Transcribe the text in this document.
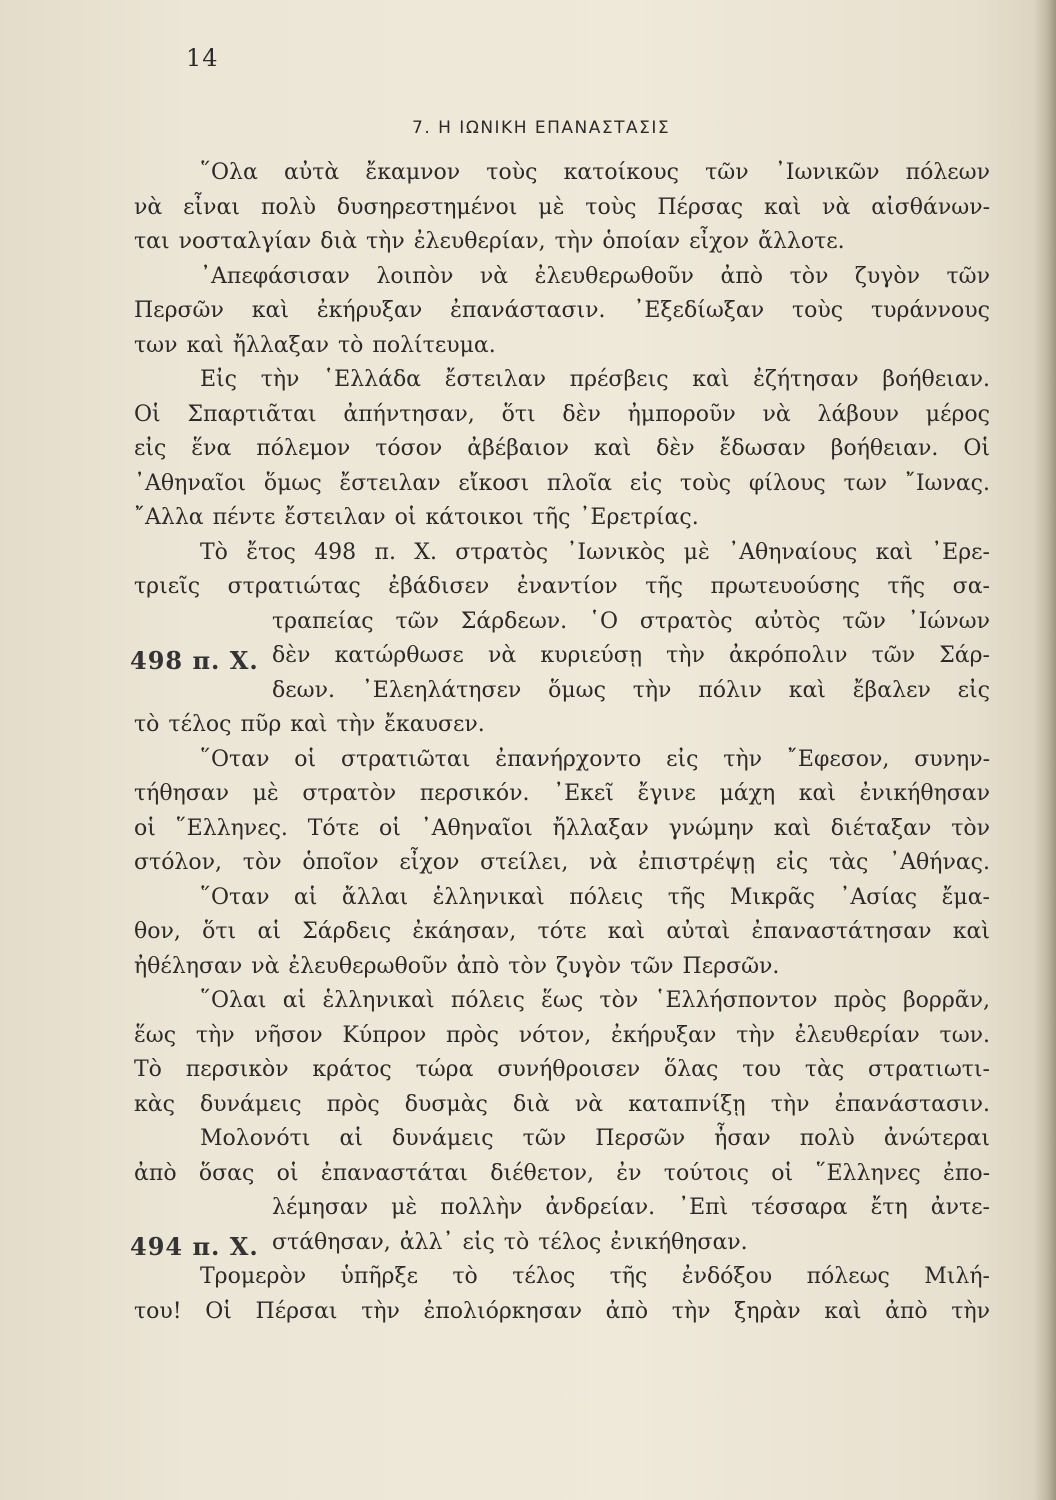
14
7. Η ΙΩΝΙΚΗ ΕΠΑΝΑΣΤΑΣΙΣ
498 π. Χ.
494 π. Χ.
῞Ολα αὐτὰ ἔκαμνον τοὺς κατοίκους τῶν ᾽Ιωνικῶν πόλεων
νὰ εἶναι πολὺ δυσηρεστημένοι μὲ τοὺς Πέρσας καὶ νὰ αἰσθάνων-
ται νοσταλγίαν διὰ τὴν ἐλευθερίαν, τὴν ὁποίαν εἶχον ἄλλοτε.
᾽Απεφάσισαν λοιπὸν νὰ ἐλευθερωθοῦν ἀπὸ τὸν ζυγὸν τῶν
Περσῶν καὶ ἐκήρυξαν ἐπανάστασιν. ᾽Εξεδίωξαν τοὺς τυράννους
των καὶ ἤλλαξαν τὸ πολίτευμα.
Εἰς τὴν ῾Ελλάδα ἔστειλαν πρέσβεις καὶ ἐζήτησαν βοήθειαν.
Οἱ Σπαρτιᾶται ἀπήντησαν, ὅτι δὲν ἠμποροῦν νὰ λάβουν μέρος
εἰς ἕνα πόλεμον τόσον ἀβέβαιον καὶ δὲν ἔδωσαν βοήθειαν. Οἱ
᾽Αθηναῖοι ὅμως ἔστειλαν εἴκοσι πλοῖα εἰς τοὺς φίλους των ῎Ιωνας.
῎Αλλα πέντε ἔστειλαν οἱ κάτοικοι τῆς ᾽Ερετρίας.
Τὸ ἔτος 498 π. Χ. στρατὸς ᾽Ιωνικὸς μὲ ᾽Αθηναίους καὶ ᾽Ερε-
τριεῖς στρατιώτας ἐβάδισεν ἐναντίον τῆς πρωτευούσης τῆς σα-
τραπείας τῶν Σάρδεων. ῾Ο στρατὸς αὐτὸς τῶν ᾽Ιώνων
δὲν κατώρθωσε νὰ κυριεύσῃ τὴν ἀκρόπολιν τῶν Σάρ-
δεων. ᾽Ελεηλάτησεν ὅμως τὴν πόλιν καὶ ἔβαλεν εἰς
τὸ τέλος πῦρ καὶ τὴν ἔκαυσεν.
῞Οταν οἱ στρατιῶται ἐπανήρχοντο εἰς τὴν ῎Εφεσον, συνην-
τήθησαν μὲ στρατὸν περσικόν. ᾽Εκεῖ ἔγινε μάχη καὶ ἐνικήθησαν
οἱ ῞Ελληνες. Τότε οἱ ᾽Αθηναῖοι ἤλλαξαν γνώμην καὶ διέταξαν τὸν
στόλον, τὸν ὁποῖον εἶχον στείλει, νὰ ἐπιστρέψῃ εἰς τὰς ᾽Αθήνας.
῞Οταν αἱ ἄλλαι ἑλληνικαὶ πόλεις τῆς Μικρᾶς ᾽Ασίας ἔμα-
θον, ὅτι αἱ Σάρδεις ἐκάησαν, τότε καὶ αὐταὶ ἐπαναστάτησαν καὶ
ἠθέλησαν νὰ ἐλευθερωθοῦν ἀπὸ τὸν ζυγὸν τῶν Περσῶν.
῞Ολαι αἱ ἑλληνικαὶ πόλεις ἕως τὸν ῾Ελλήσποντον πρὸς βορρᾶν,
ἕως τὴν νῆσον Κύπρον πρὸς νότον, ἐκήρυξαν τὴν ἐλευθερίαν των.
Τὸ περσικὸν κράτος τώρα συνήθροισεν ὅλας του τὰς στρατιωτι-
κὰς δυνάμεις πρὸς δυσμὰς διὰ νὰ καταπνίξῃ τὴν ἐπανάστασιν.
Μολονότι αἱ δυνάμεις τῶν Περσῶν ἦσαν πολὺ ἀνώτεραι
ἀπὸ ὅσας οἱ ἐπαναστάται διέθετον, ἐν τούτοις οἱ ῞Ελληνες ἐπο-
λέμησαν μὲ πολλὴν ἀνδρείαν. ᾽Επὶ τέσσαρα ἔτη ἀντε-
στάθησαν, ἀλλ᾽ εἰς τὸ τέλος ἐνικήθησαν.
Τρομερὸν ὑπῆρξε τὸ τέλος τῆς ἐνδόξου πόλεως Μιλή-
του! Οἱ Πέρσαι τὴν ἐπολιόρκησαν ἀπὸ τὴν ξηρὰν καὶ ἀπὸ τὴν
